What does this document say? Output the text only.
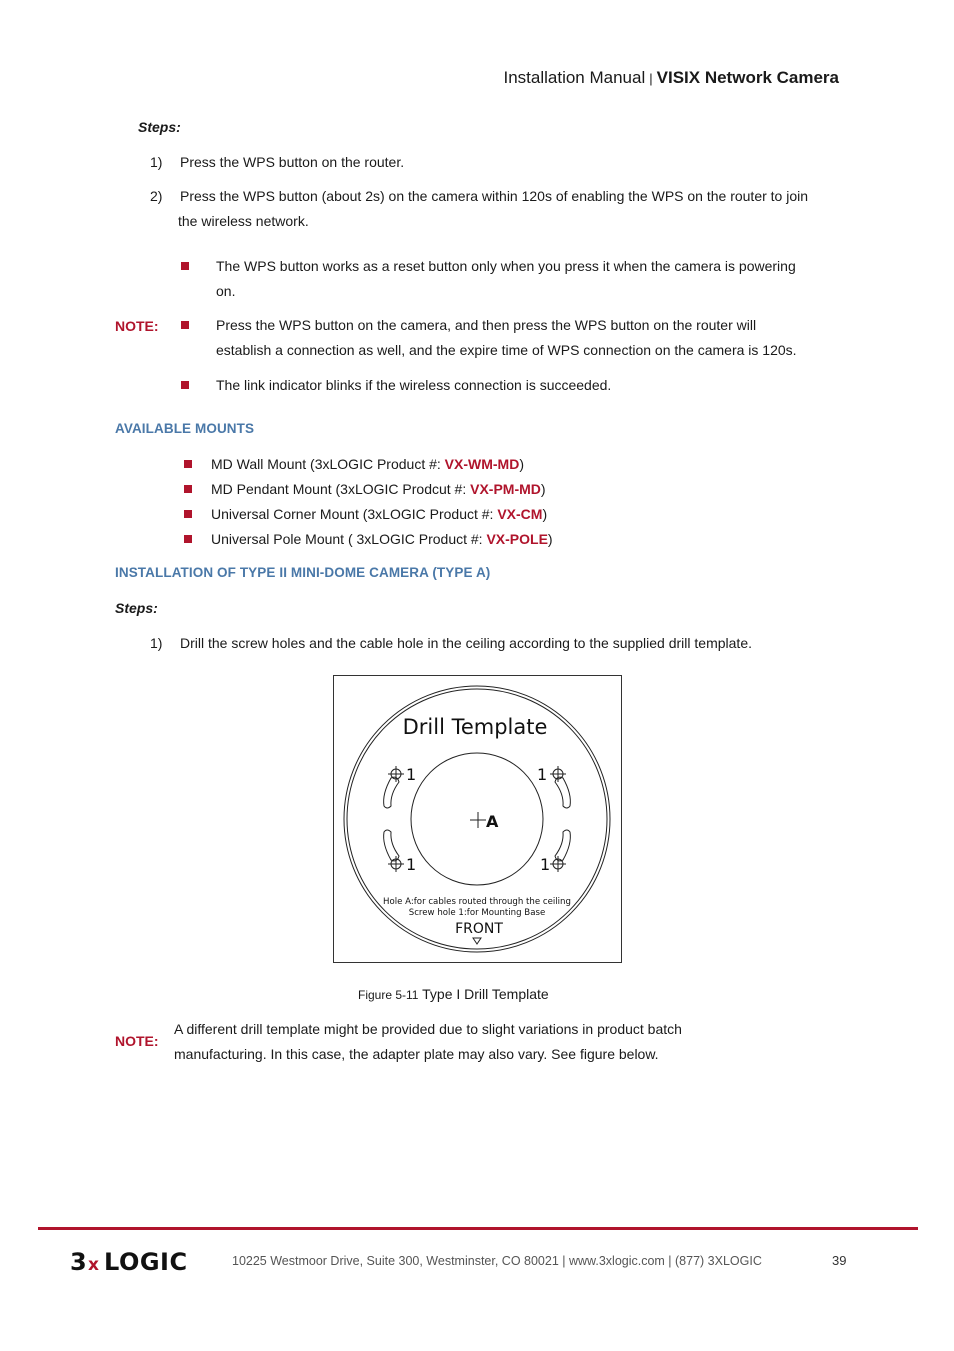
Installation Manual | VISIX Network Camera
Steps:
1) Press the WPS button on the router.
2) Press the WPS button (about 2s) on the camera within 120s of enabling the WPS on the router to join
the wireless network.
NOTE:
The WPS button works as a reset button only when you press it when the camera is powering
on.
Press the WPS button on the camera, and then press the WPS button on the router will
establish a connection as well, and the expire time of WPS connection on the camera is 120s.
The link indicator blinks if the wireless connection is succeeded.
AVAILABLE MOUNTS
MD Wall Mount (3xLOGIC Product #: VX-WM-MD)
MD Pendant Mount (3xLOGIC Prodcut #: VX-PM-MD)
Universal Corner Mount (3xLOGIC Product #: VX-CM)
Universal Pole Mount ( 3xLOGIC Product #: VX-POLE)
INSTALLATION OF TYPE II MINI-DOME CAMERA (TYPE A)
Steps:
1) Drill the screw holes and the cable hole in the ceiling according to the supplied drill template.
Drill Template
1	1
1	1
A
Hole A:for cables routed through the ceiling
Screw hole 1:for Mounting Base
FRONT
Figure 5-11 Type I Drill Template
NOTE:
A different drill template might be provided due to slight variations in product batch
manufacturing. In this case, the adapter plate may also vary. See figure below.
3 x LOGIC	10225 Westmoor Drive, Suite 300, Westminster, CO 80021 | www.3xlogic.com | (877) 3XLOGIC	39
